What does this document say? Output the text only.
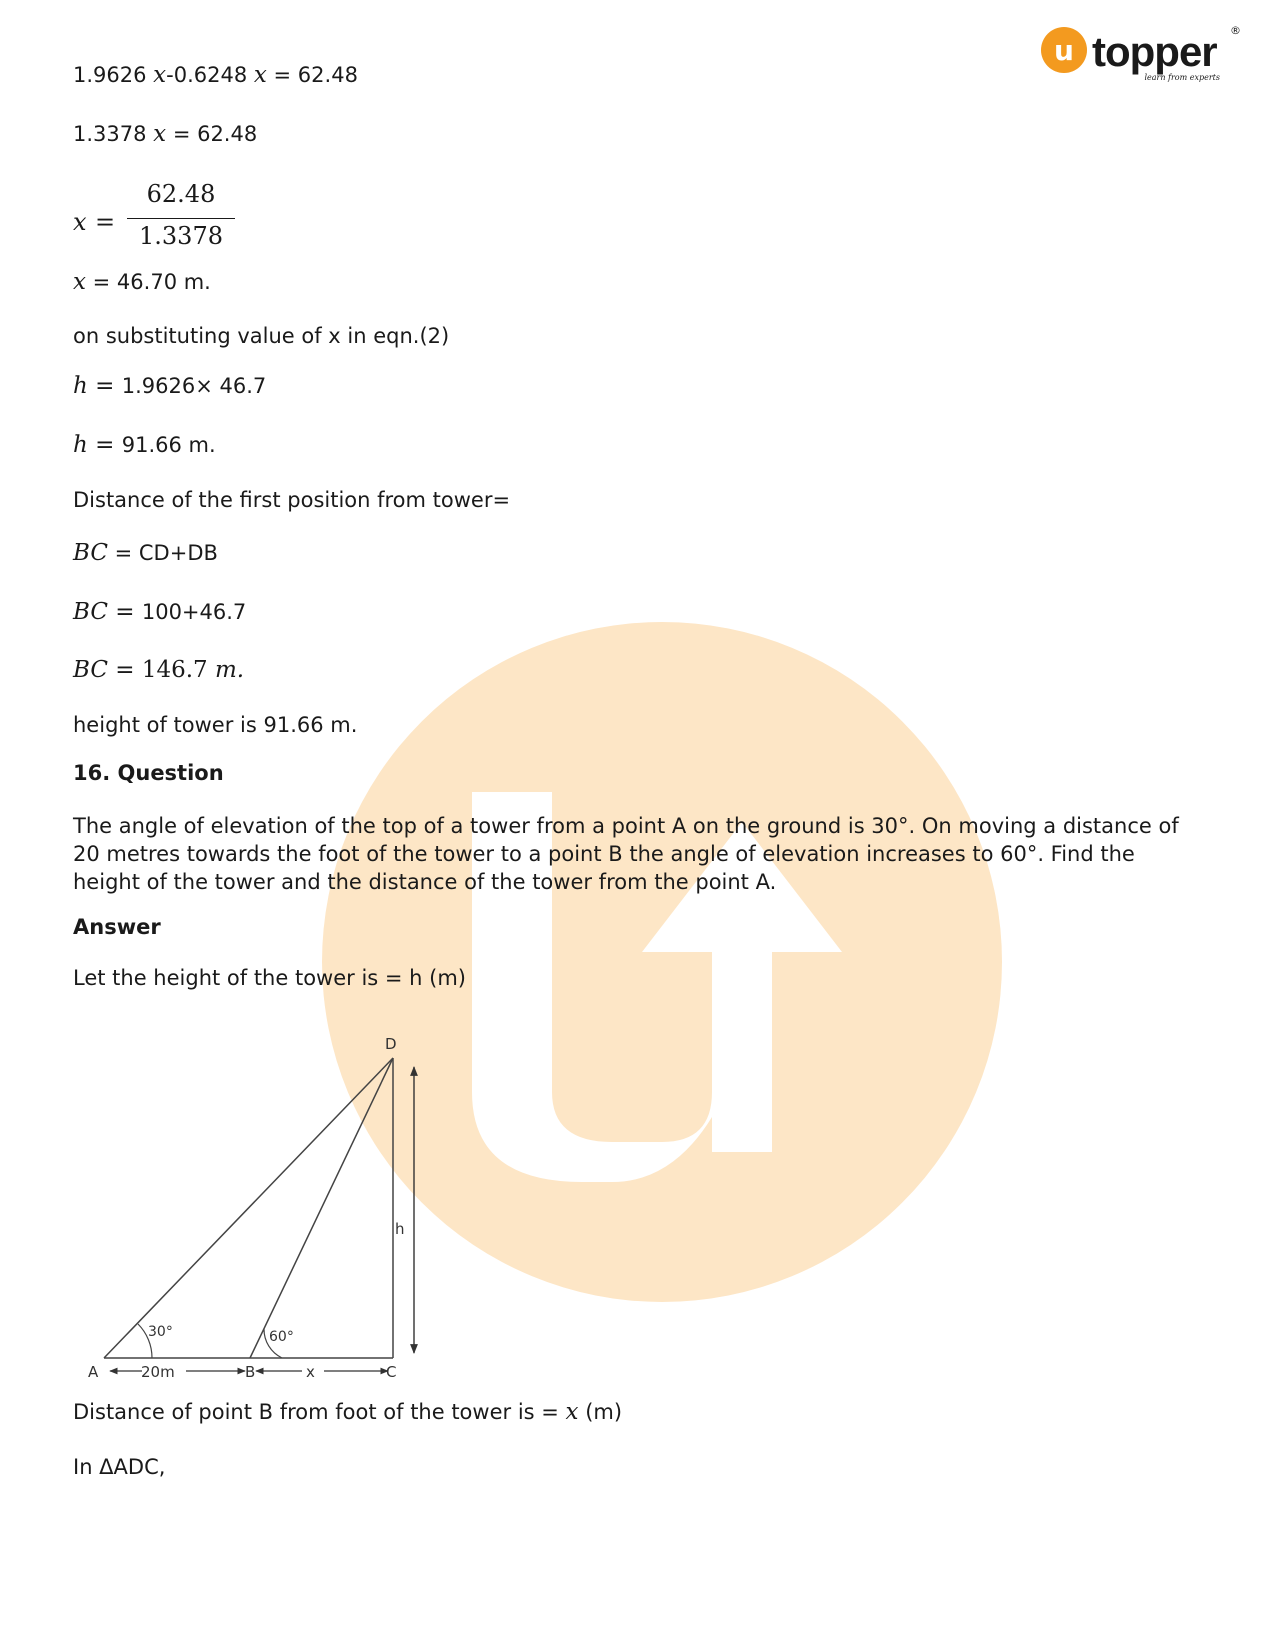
u topper ®
learn from experts
1.9626 x-0.6248 x = 62.48
1.3378 x = 62.48
x =
62.48
1.3378
x = 46.70 m.
on substituting value of x in eqn.(2)
h = 1.9626× 46.7
h = 91.66 m.
Distance of the first position from tower=
BC = CD+DB
BC = 100+46.7
BC = 146.7 m.
height of tower is 91.66 m.
16. Question
The angle of elevation of the top of a tower from a point A on the ground is 30°. On moving a distance of 20 metres towards the foot of the tower to a point B the angle of elevation increases to 60°. Find the height of the tower and the distance of the tower from the point A.
Answer
Let the height of the tower is = h (m)
D
A	B	C
h
30°	60°
20m	x
Distance of point B from foot of the tower is = x (m)
In ΔADC,
